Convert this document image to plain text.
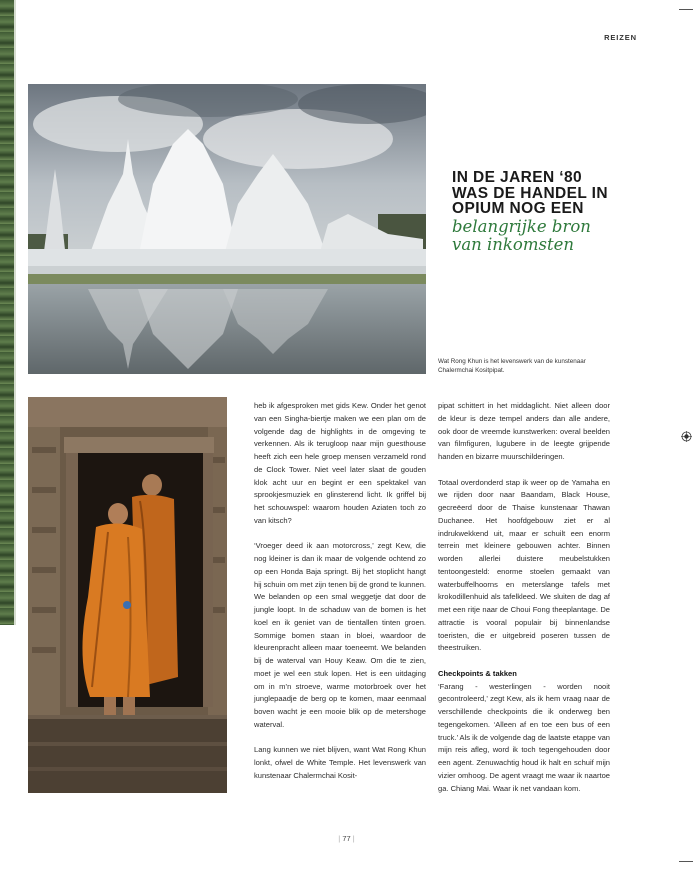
REIZEN
Wat Rong Khun is het levenswerk van de kunstenaar Chalermchai Kositpipat.

IN DE JAREN ‘80
WAS DE HANDEL IN
OPIUM NOG EEN

belangrijke bron
van inkomsten

heb ik afgesproken met gids Kew. Onder het genot van een Singha-biertje maken we een plan om de volgende dag de highlights in de omgeving te verkennen. Als ik terugloop naar mijn guesthouse heeft zich een hele groep mensen verzameld rond de Clock Tower. Niet veel later slaat de gouden klok acht uur en begint er een spektakel van sprookjesmuziek en glinsterend licht. Ik griffel bij het schouwspel: waarom houden Aziaten toch zo van kitsch?

‘Vroeger deed ik aan motorcross,’ zegt Kew, die nog kleiner is dan ik maar de volgende ochtend zo op een Honda Baja springt. Bij het stoplicht hangt hij schuin om met zijn tenen bij de grond te kunnen. We belanden op een smal weggetje dat door de jungle loopt. In de schaduw van de bomen is het koel en ik geniet van de tientallen tinten groen. Sommige bomen staan in bloei, waardoor de kleurenpracht alleen maar toeneemt. We belanden bij de waterval van Houy Keaw. Om die te zien, moet je wel een stuk lopen. Het is een uitdaging om in m’n stroeve, warme motorbroek over het junglepaadje de berg op te komen, maar eenmaal boven wacht je een mooie blik op de metershoge waterval.

Lang kunnen we niet blijven, want Wat Rong Khun lonkt, ofwel de White Temple. Het levenswerk van kunstenaar Chalermchai Kosit-

pipat schittert in het middaglicht. Niet alleen door de kleur is deze tempel anders dan alle andere, ook door de vreemde kunstwerken: overal beelden van filmfiguren, lugubere in de leegte grijpende handen en bizarre muurschilderingen.

Totaal overdonderd stap ik weer op de Yamaha en we rijden door naar Baandam, Black House, gecreëerd door de Thaise kunstenaar Thawan Duchanee. Het hoofdgebouw ziet er al indrukwekkend uit, maar er schuilt een enorm terrein met kleinere gebouwen achter. Binnen worden allerlei duistere meubelstukken tentoongesteld: enorme stoelen gemaakt van waterbuffelhoorns en meterslange tafels met krokodillenhuid als tafelkleed. We sluiten de dag af met een ritje naar de Choui Fong theeplantage. De attractie is vooral populair bij binnenlandse toeristen, die er uitgebreid poseren tussen de theestruiken.

Checkpoints & takken

‘Farang - westerlingen - worden nooit gecontroleerd,’ zegt Kew, als ik hem vraag naar de verschillende checkpoints die ik onderweg ben tegengekomen. ‘Alleen af en toe een bus of een truck.’ Als ik de volgende dag de laatste etappe van mijn reis afleg, word ik toch tegengehouden door een agent. Zenuwachtig houd ik halt en schuif mijn vizier omhoog. De agent vraagt me waar ik naartoe ga. Chiang Mai. Waar ik net vandaan kom.

| 77 |
